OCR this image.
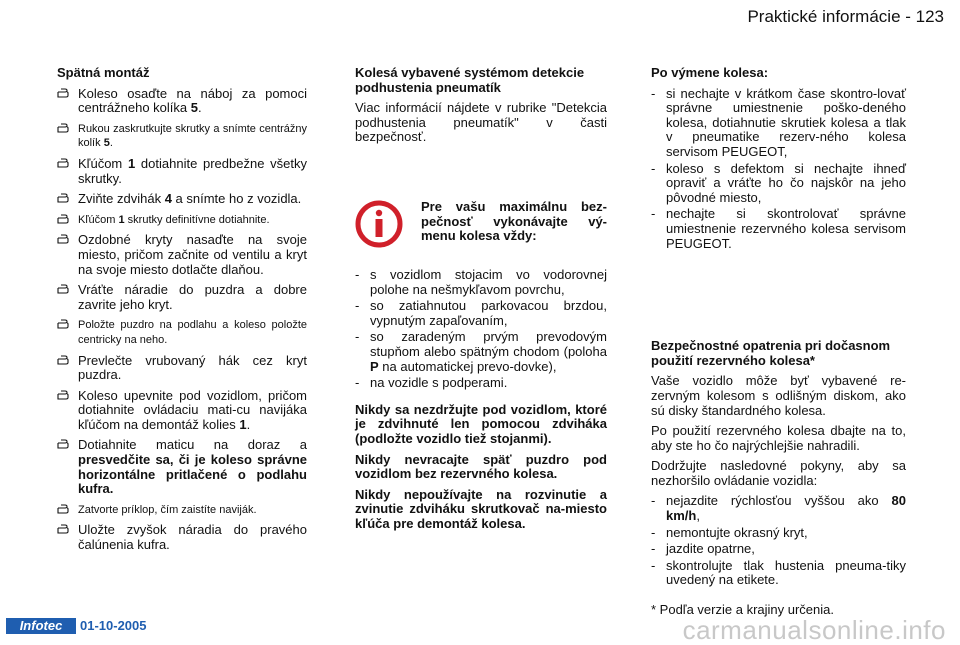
Praktické informácie - 123
Spätná montáž
Koleso osaďte na náboj za pomoci centrážneho kolíka 5.
Rukou zaskrutkujte skrutky a snímte centrážny kolík 5.
Kľúčom 1 dotiahnite predbežne všetky skrutky.
Zviňte zdvihák 4 a snímte ho z vozidla.
Kľúčom 1 skrutky definitívne dotiahnite.
Ozdobné kryty nasaďte na svoje miesto, pričom začnite od ventilu a kryt na svoje miesto dotlačte dlaňou.
Vráťte náradie do puzdra a dobre zavrite jeho kryt.
Položte puzdro na podlahu a koleso položte centricky na neho.
Prevlečte vrubovaný hák cez kryt puzdra.
Koleso upevnite pod vozidlom, pričom dotiahnite ovládaciu mati-cu navijáka kľúčom na demontáž kolies 1.
Dotiahnite maticu na doraz a presvedčite sa, či je koleso správne horizontálne pritlačené o podlahu kufra.
Zatvorte príklop, čím zaistíte naviják.
Uložte zvyšok náradia do pravého čalúnenia kufra.
Kolesá vybavené systémom detekcie podhustenia pneumatík
Viac informácií nájdete v rubrike "Detekcia podhustenia pneumatík" v časti bezpečnosť.
Pre vašu maximálnu bez-pečnosť vykonávajte vý-menu kolesa vždy:
- s vozidlom stojacim vo vodorovnej polohe na nešmykľavom povrchu,
- so zatiahnutou parkovacou brzdou, vypnutým zapaľovaním,
- so zaradeným prvým prevodovým stupňom alebo spätným chodom (poloha P na automatickej prevo-dovke),
- na vozidle s podperami.
Nikdy sa nezdržujte pod vozidlom, ktoré je zdvihnuté len pomocou zdviháka (podložte vozidlo tiež stojanmi).
Nikdy nevracajte späť puzdro pod vozidlom bez rezervného kolesa.
Nikdy nepoužívajte na rozvinutie a zvinutie zdviháku skrutkovač na-miesto kľúča pre demontáž kolesa.
Po výmene kolesa:
- si nechajte v krátkom čase skontro-lovať správne umiestnenie poško-deného kolesa, dotiahnutie skrutiek kolesa a tlak v pneumatike rezerv-ného kolesa servisom PEUGEOT,
- koleso s defektom si nechajte ihneď opraviť a vráťte ho čo najskôr na jeho pôvodné miesto,
- nechajte si skontrolovať správne umiestnenie rezervného kolesa servisom PEUGEOT.
Bezpečnostné opatrenia pri dočasnom použití rezervného kolesa*
Vaše vozidlo môže byť vybavené re-zervným kolesom s odlišným diskom, ako sú disky štandardného kolesa.
Po použití rezervného kolesa dbajte na to, aby ste ho čo najrýchlejšie nahradili.
Dodržujte nasledovné pokyny, aby sa nezhoršilo ovládanie vozidla:
- nejazdite rýchlosťou vyššou ako 80 km/h,
- nemontujte okrasný kryt,
- jazdite opatrne,
- skontrolujte tlak hustenia pneuma-tiky uvedený na etikete.
* Podľa verzie a krajiny určenia.
Infotec	01-10-2005	carmanualsonline.info
